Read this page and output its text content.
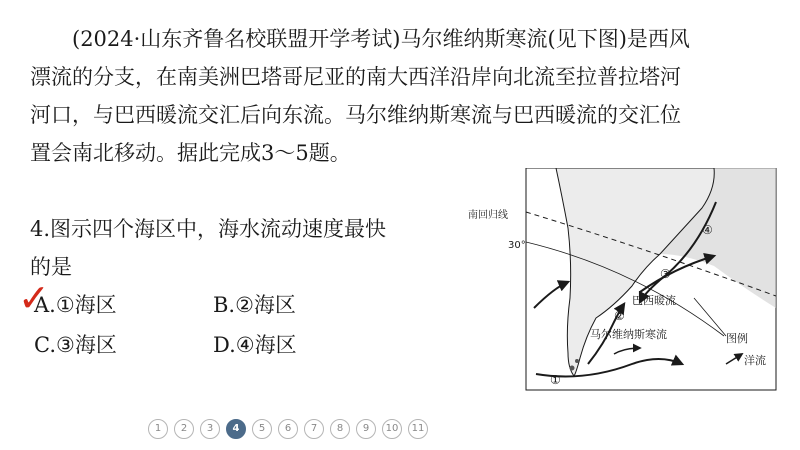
(2024·山东齐鲁名校联盟开学考试)马尔维纳斯寒流(见下图)是西风
漂流的分支，在南美洲巴塔哥尼亚的南大西洋沿岸向北流至拉普拉塔河
河口，与巴西暖流交汇后向东流。马尔维纳斯寒流与巴西暖流的交汇位
置会南北移动。据此完成3～5题。
4.图示四个海区中，海水流动速度最快
的是
✓
A.①海区	B.②海区
C.③海区	D.④海区
南回归线
30°
巴西暖流
马尔维纳斯寒流	图例
洋流
①
②
③
④
1	2	3	4	5	6	7	8	9	10	11
